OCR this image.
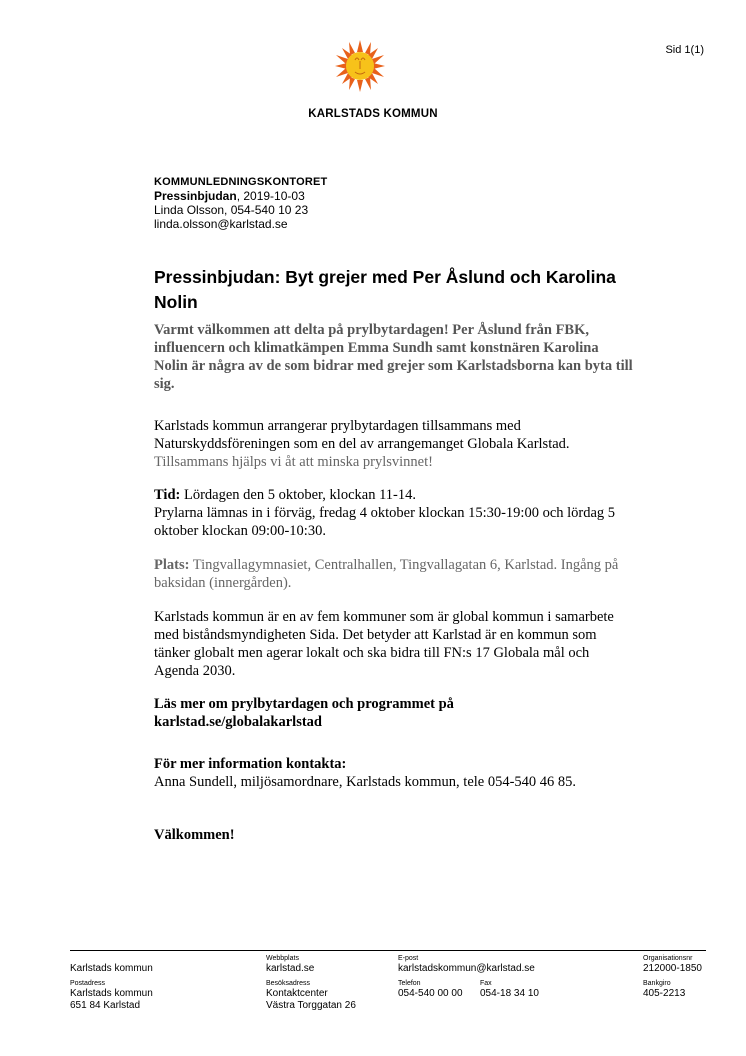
Sid 1(1)
KARLSTADS KOMMUN
KOMMUNLEDNINGSKONTORET
Pressinbjudan, 2019-10-03
Linda Olsson, 054-540 10 23
linda.olsson@karlstad.se
Pressinbjudan: Byt grejer med Per Åslund och Karolina Nolin
Varmt välkommen att delta på prylbytardagen! Per Åslund från FBK, influencern och klimatkämpen Emma Sundh samt konstnären Karolina Nolin är några av de som bidrar med grejer som Karlstadsborna kan byta till sig.
Karlstads kommun arrangerar prylbytardagen tillsammans med Naturskyddsföreningen som en del av arrangemanget Globala Karlstad.
Tillsammans hjälps vi åt att minska prylsvinnet!
Tid: Lördagen den 5 oktober, klockan 11-14.
Prylarna lämnas in i förväg, fredag 4 oktober klockan 15:30-19:00 och lördag 5 oktober klockan 09:00-10:30.
Plats: Tingvallagymnasiet, Centralhallen, Tingvallagatan 6, Karlstad. Ingång på baksidan (innergården).
Karlstads kommun är en av fem kommuner som är global kommun i samarbete med biståndsmyndigheten Sida. Det betyder att Karlstad är en kommun som tänker globalt men agerar lokalt och ska bidra till FN:s 17 Globala mål och Agenda 2030.
Läs mer om prylbytardagen och programmet på
karlstad.se/globalakarlstad
För mer information kontakta:
Anna Sundell, miljösamordnare, Karlstads kommun, tele 054-540 46 85.
Välkommen!
Karlstads kommun
Webbplats
karlstad.se
E-post
karlstadskommun@karlstad.se
Organisationsnr
212000-1850
Postadress
Karlstads kommun
651 84 Karlstad
Besöksadress
Kontaktcenter
Västra Torggatan 26
Telefon
054-540 00 00
Fax
054-18 34 10
Bankgiro
405-2213
